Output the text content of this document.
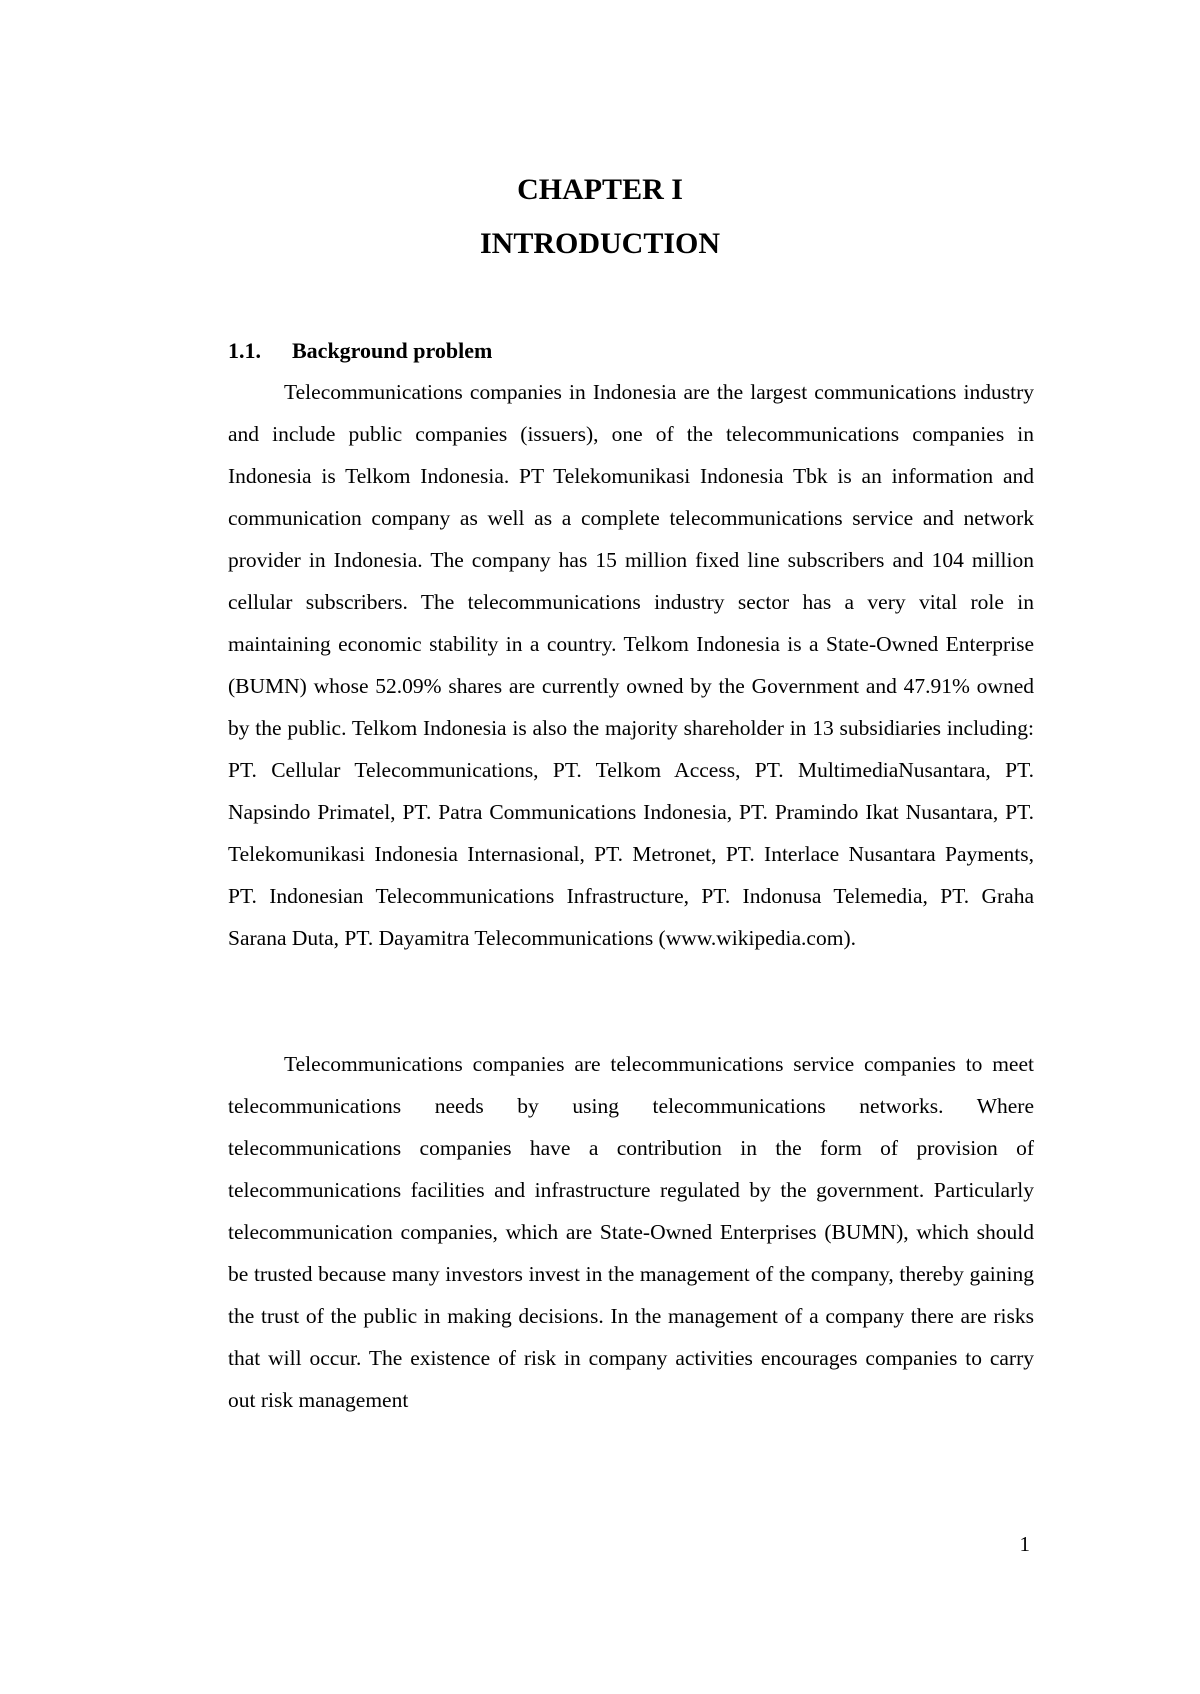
CHAPTER I
INTRODUCTION
1.1. Background problem

Telecommunications companies in Indonesia are the largest communications industry and include public companies (issuers), one of the telecommunications companies in Indonesia is Telkom Indonesia. PT Telekomunikasi Indonesia Tbk is an information and communication company as well as a complete telecommunications service and network provider in Indonesia. The company has 15 million fixed line subscribers and 104 million cellular subscribers. The telecommunications industry sector has a very vital role in maintaining economic stability in a country. Telkom Indonesia is a State-Owned Enterprise (BUMN) whose 52.09% shares are currently owned by the Government and 47.91% owned by the public. Telkom Indonesia is also the majority shareholder in 13 subsidiaries including: PT. Cellular Telecommunications, PT. Telkom Access, PT. MultimediaNusantara, PT. Napsindo Primatel, PT. Patra Communications Indonesia, PT. Pramindo Ikat Nusantara, PT. Telekomunikasi Indonesia Internasional, PT. Metronet, PT. Interlace Nusantara Payments, PT. Indonesian Telecommunications Infrastructure, PT. Indonusa Telemedia, PT. Graha Sarana Duta, PT. Dayamitra Telecommunications (www.wikipedia.com).

Telecommunications companies are telecommunications service companies to meet telecommunications needs by using telecommunications networks. Where telecommunications companies have a contribution in the form of provision of telecommunications facilities and infrastructure regulated by the government. Particularly telecommunication companies, which are State-Owned Enterprises (BUMN), which should be trusted because many investors invest in the management of the company, thereby gaining the trust of the public in making decisions. In the management of a company there are risks that will occur. The existence of risk in company activities encourages companies to carry out risk management

1
